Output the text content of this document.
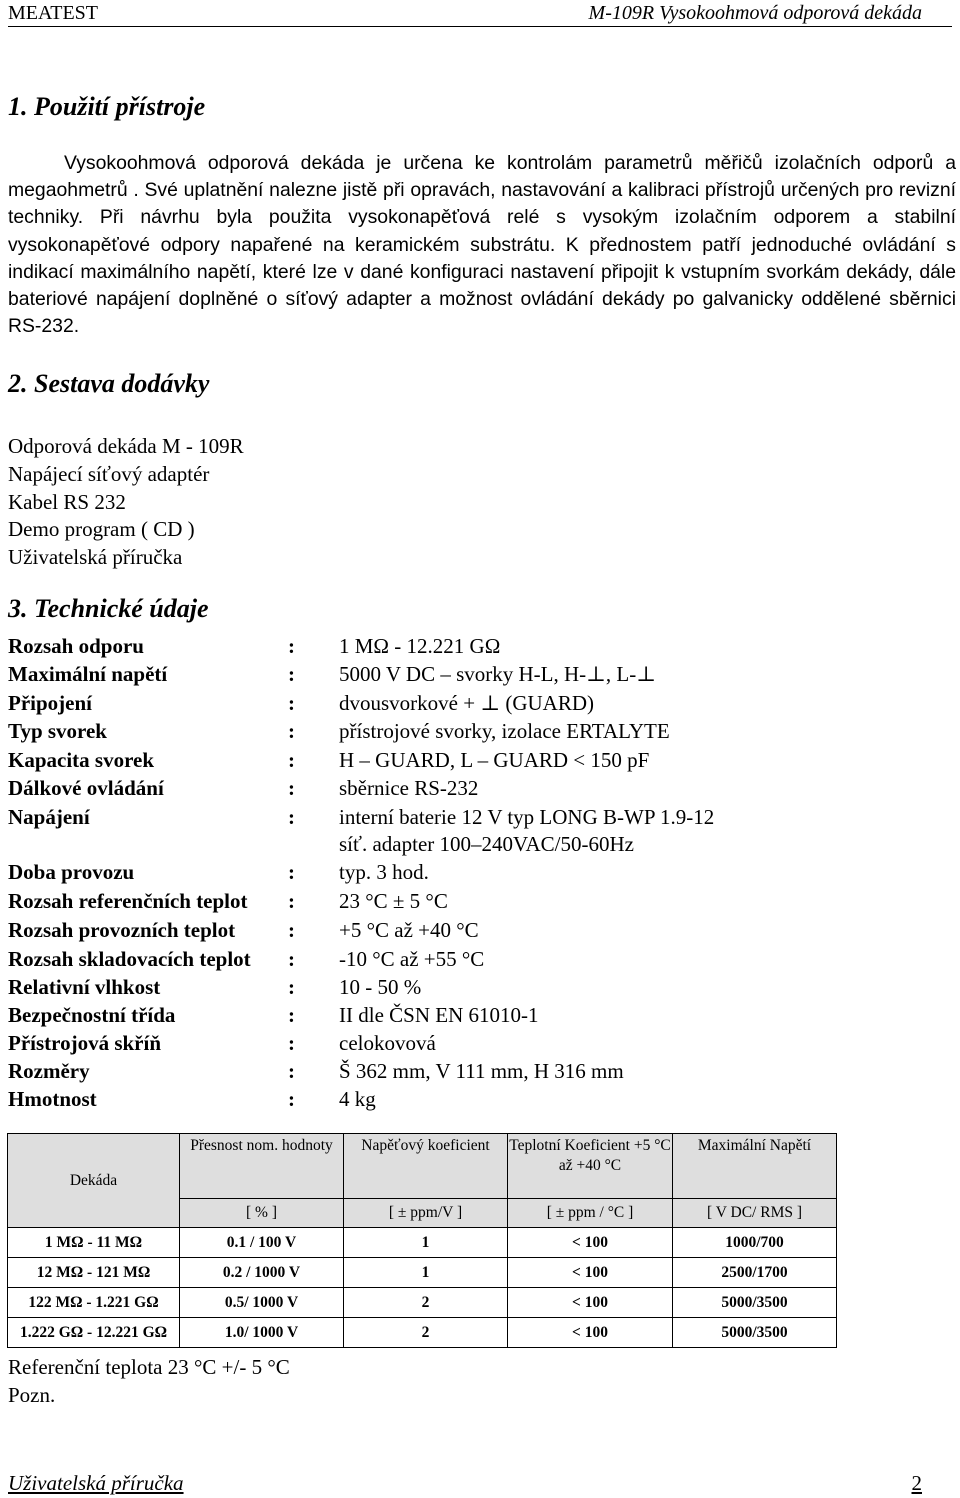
MEATEST	M-109R Vysokoohmová odporová dekáda
1. Použití přístroje

Vysokoohmová odporová dekáda je určena ke kontrolám parametrů měřičů izolačních odporů a megaohmetrů . Své uplatnění nalezne jistě při opravách, nastavování a kalibraci přístrojů určených pro revizní techniky. Při návrhu byla použita vysokonapěťová relé s vysokým izolačním odporem a stabilní vysokonapěťové odpory napařené na keramickém substrátu. K přednostem patří jednoduché ovládání s indikací maximálního napětí, které lze v dané konfiguraci nastavení připojit k vstupním svorkám dekády, dále bateriové napájení doplněné o síťový adapter a možnost ovládání dekády po galvanicky oddělené sběrnici RS-232.

2. Sestava dodávky
Odporová dekáda M - 109R
Napájecí síťový adaptér
Kabel RS 232
Demo program ( CD )
Uživatelská příručka
3. Technické údaje
Rozsah odporu	: 1 MΩ - 12.221 GΩ
Maximální napětí	: 5000 V DC – svorky H-L, H-⊥, L-⊥
Připojení	: dvousvorkové + ⊥ (GUARD)
Typ svorek	: přístrojové svorky, izolace ERTALYTE
Kapacita svorek	: H – GUARD, L – GUARD < 150 pF
Dálkové ovládání	: sběrnice RS-232
Napájení	: interní baterie 12 V typ LONG B-WP 1.9-12
síť. adapter 100–240VAC/50-60Hz
Doba provozu	: typ. 3 hod.
Rozsah referenčních teplot : 23 °C ± 5 °C
Rozsah provozních teplot	: +5 °C až +40 °C
Rozsah skladovacích teplot : -10 °C až +55 °C
Relativní vlhkost	: 10 - 50 %
Bezpečnostní třída	: II dle ČSN EN 61010-1
Přístrojová skříň	: celokovová
Rozměry	: Š 362 mm, V 111 mm, H 316 mm
Hmotnost	: 4 kg
Dekáda	Přesnost nom. hodnoty	Napěťový koeficient	Teplotní Koeficient +5 °C až +40 °C	Maximální Napětí
	[ % ]	[ ± ppm/V ]	[ ± ppm / °C ]	[ V DC/ RMS ]
1 MΩ - 11 MΩ	0.1 / 100 V	1	< 100	1000/700
12 MΩ - 121 MΩ	0.2 / 1000 V	1	< 100	2500/1700
122 MΩ - 1.221 GΩ	0.5/ 1000 V	2	< 100	5000/3500
1.222 GΩ - 12.221 GΩ	1.0/ 1000 V	2	< 100	5000/3500
Referenční teplota 23 °C +/- 5 °C
Pozn.
Uživatelská příručka	2
